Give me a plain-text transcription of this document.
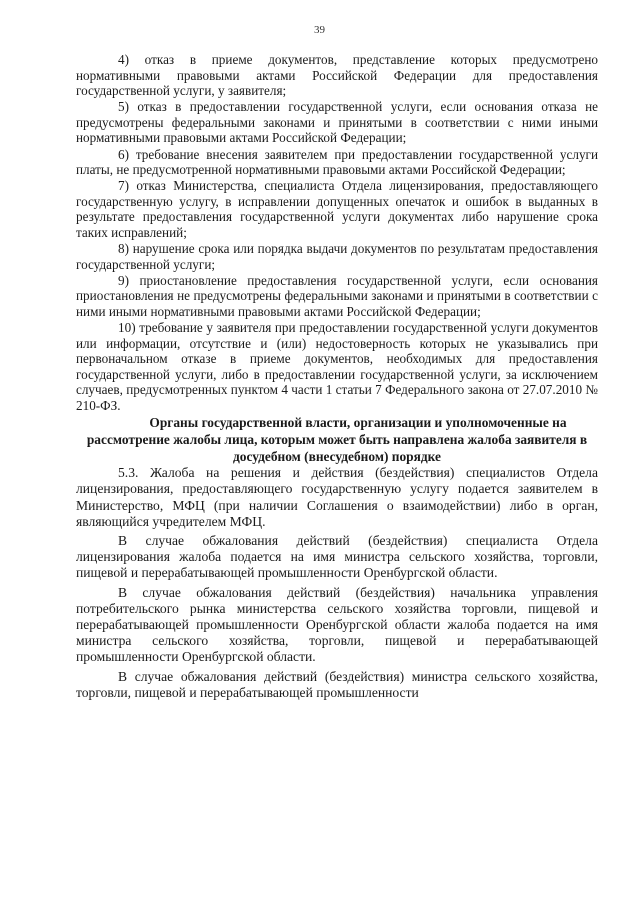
39

4) отказ в приеме документов, представление которых предусмотрено нормативными правовыми актами Российской Федерации для предоставления государственной услуги, у заявителя;

5) отказ в предоставлении государственной услуги, если основания отказа не предусмотрены федеральными законами и принятыми в соответствии с ними иными нормативными правовыми актами Российской Федерации;

6) требование внесения заявителем при предоставлении государственной услуги платы, не предусмотренной нормативными правовыми актами Российской Федерации;

7) отказ Министерства, специалиста Отдела лицензирования, предоставляющего государственную услугу, в исправлении допущенных опечаток и ошибок в выданных в результате предоставления государственной услуги документах либо нарушение срока таких исправлений;

8) нарушение срока или порядка выдачи документов по результатам предоставления государственной услуги;

9) приостановление предоставления государственной услуги, если основания приостановления не предусмотрены федеральными законами и принятыми в соответствии с ними иными нормативными правовыми актами Российской Федерации;

10) требование у заявителя при предоставлении государственной услуги документов или информации, отсутствие и (или) недостоверность которых не указывались при первоначальном отказе в приеме документов, необходимых для предоставления государственной услуги, либо в предоставлении государственной услуги, за исключением случаев, предусмотренных пунктом 4 части 1 статьи 7 Федерального закона от 27.07.2010 № 210-ФЗ.

Органы государственной власти, организации и уполномоченные на рассмотрение жалобы лица, которым может быть направлена жалоба заявителя в досудебном (внесудебном) порядке

5.3. Жалоба на решения и действия (бездействия) специалистов Отдела лицензирования, предоставляющего государственную услугу подается заявителем в Министерство, МФЦ (при наличии Соглашения о взаимодействии) либо в орган, являющийся учредителем МФЦ.

В случае обжалования действий (бездействия) специалиста Отдела лицензирования жалоба подается на имя министра сельского хозяйства, торговли, пищевой и перерабатывающей промышленности Оренбургской области.

В случае обжалования действий (бездействия) начальника управления потребительского рынка министерства сельского хозяйства торговли, пищевой и перерабатывающей промышленности Оренбургской области жалоба подается на имя министра сельского хозяйства, торговли, пищевой и перерабатывающей промышленности Оренбургской области.

В случае обжалования действий (бездействия) министра сельского хозяйства, торговли, пищевой и перерабатывающей промышленности
